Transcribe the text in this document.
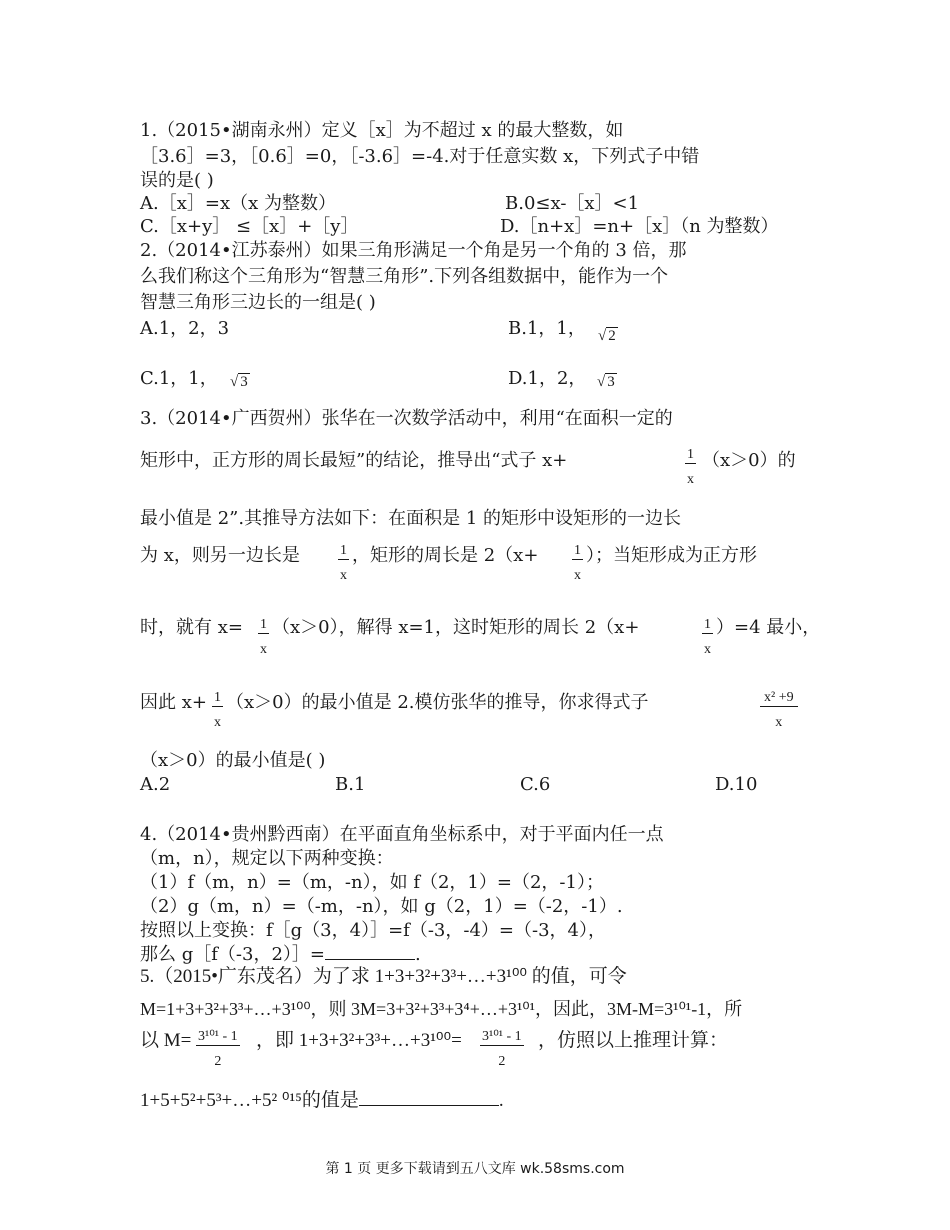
1.（2015•湖南永州）定义［x］为不超过 x 的最大整数，如
［3.6］=3，［0.6］=0，［-3.6］=-4.对于任意实数 x，下列式子中错
误的是( )
A.［x］=x（x 为整数）	B.0≤x-［x］<1
C.［x+y］ ≤［x］+［y］	D.［n+x］=n+［x］（n 为整数）
2.（2014•江苏泰州）如果三角形满足一个角是另一个角的 3 倍，那
么我们称这个三角形为“智慧三角形”.下列各组数据中，能作为一个
智慧三角形三边长的一组是( )
A.1，2，3	B.1，1， √ 2
C.1，1， √ 3	D.1，2， √ 3
3.（2014•广西贺州）张华在一次数学活动中，利用“在面积一定的
矩形中，正方形的周长最短”的结论，推导出“式子 x+	$\frac{1}{x} (x>0)$的
最小值是 2”.其推导方法如下：在面积是 1 的矩形中设矩形的一边长
为 x，则另一边长是	$\frac{1}{x}$ ，矩形的周长是 $2(x+ \frac{1}{x}$ ）；当矩形成为正方形
时，就有 $x= \frac{1}{x} (x>0)$，解得 x=1，这时矩形的周长 2（x+	$\frac{1}{x} )=4$ 最小，
因此 $x+ \frac{1}{x} (x>0)$的最小值是 2.模仿张华的推导，你求得式子	$\frac{\text{x² +9}}{x}$
（x＞0）的最小值是( )
A.2	B.1	C.6	D.10
4.（2014•贵州黔西南）在平面直角坐标系中，对于平面内任一点
（m，n），规定以下两种变换：
（1）f（m，n）=（m，-n），如 f（2，1）=（2，-1）；
（2）g（m，n）=（-m，-n），如 g（2，1）=（-2，-1）.
按照以上变换：f［g（3，4）］=f（-3，-4）=（-3，4），
那么 g［f（-3，2）］=	.
5.（2015•广东茂名）为了求 1+3+3²+3³+…+3¹⁰⁰ 的值，可令
M=1+3+3²+3³+…+3¹⁰⁰，则 3M=3+3²+3³+3⁴+…+3¹⁰¹，因此，3M-M=3¹⁰¹-1，所
以 $M= \frac{\text{3¹⁰¹ - 1}}{2}$ ，即 1+3+3²+3³+…+3¹⁰⁰= $\frac{\text{3¹⁰¹ - 1}}{2}$ ，仿照以上推理计算：
1+5+5²+5³+…+5² ⁰¹⁵的值是	.
第 1 页 更多下载请到五八文库 wk.58sms.com
